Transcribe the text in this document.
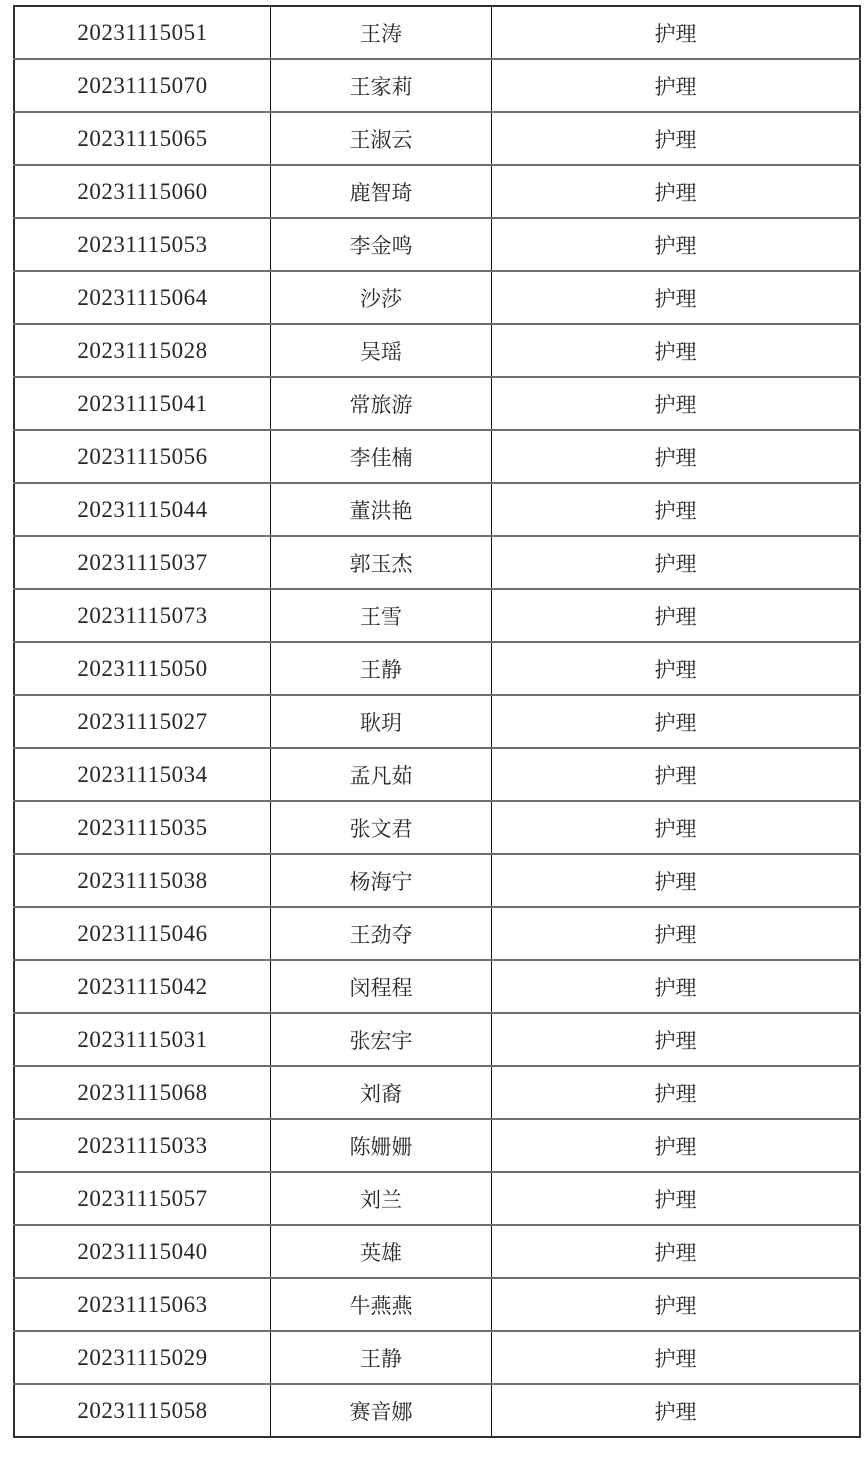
20231115051	王涛	护理
20231115070	王家莉	护理
20231115065	王淑云	护理
20231115060	鹿智琦	护理
20231115053	李金鸣	护理
20231115064	沙莎	护理
20231115028	吴瑶	护理
20231115041	常旅游	护理
20231115056	李佳楠	护理
20231115044	董洪艳	护理
20231115037	郭玉杰	护理
20231115073	王雪	护理
20231115050	王静	护理
20231115027	耿玥	护理
20231115034	孟凡茹	护理
20231115035	张文君	护理
20231115038	杨海宁	护理
20231115046	王劲夺	护理
20231115042	闵程程	护理
20231115031	张宏宇	护理
20231115068	刘裔	护理
20231115033	陈姗姗	护理
20231115057	刘兰	护理
20231115040	英雄	护理
20231115063	牛燕燕	护理
20231115029	王静	护理
20231115058	赛音娜	护理
